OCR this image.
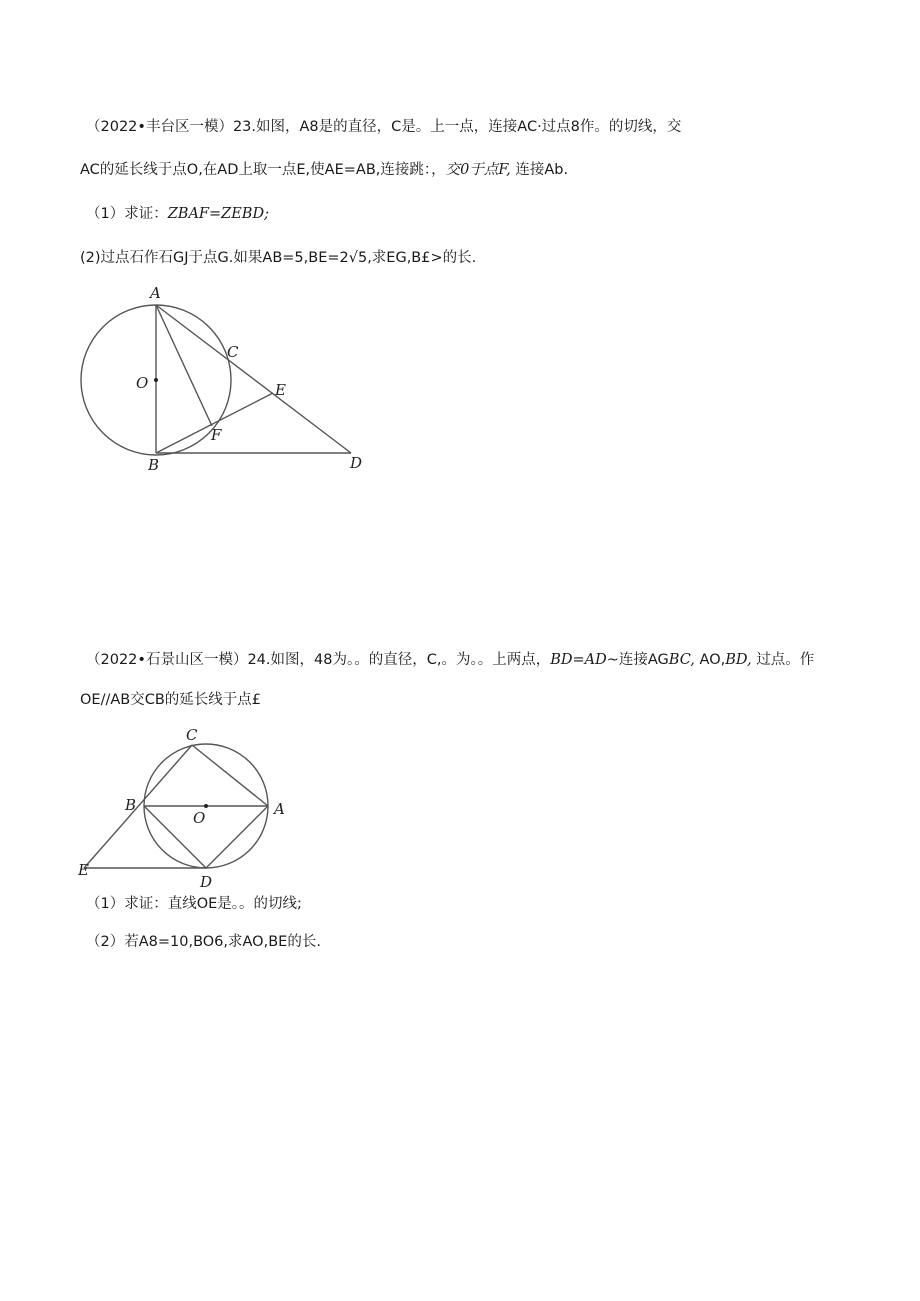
（2022•丰台区一模）23.如图，A8是的直径，C是。上一点，连接AC·过点8作。的切线，交
AC的延长线于点O,在AD上取一点E,使AE=AB,连接跳：，交0于点F, 连接Ab.
（1）求证：ZBAF=ZEBD;
(2)过点石作石GJ于点G.如果AB=5,BE=2√5,求EG,B£>的长.
A
C
O	E
F
B	D
（2022•石景山区一模）24.如图，48为。。的直径，C,。为。。上两点，BD=AD~连接AGBC, AO,BD, 过点。作
OE//AB交CB的延长线于点£
C
B
O	A
E
D
（1）求证：直线OE是。。的切线;
（2）若A8=10,BO6,求AO,BE的长.
